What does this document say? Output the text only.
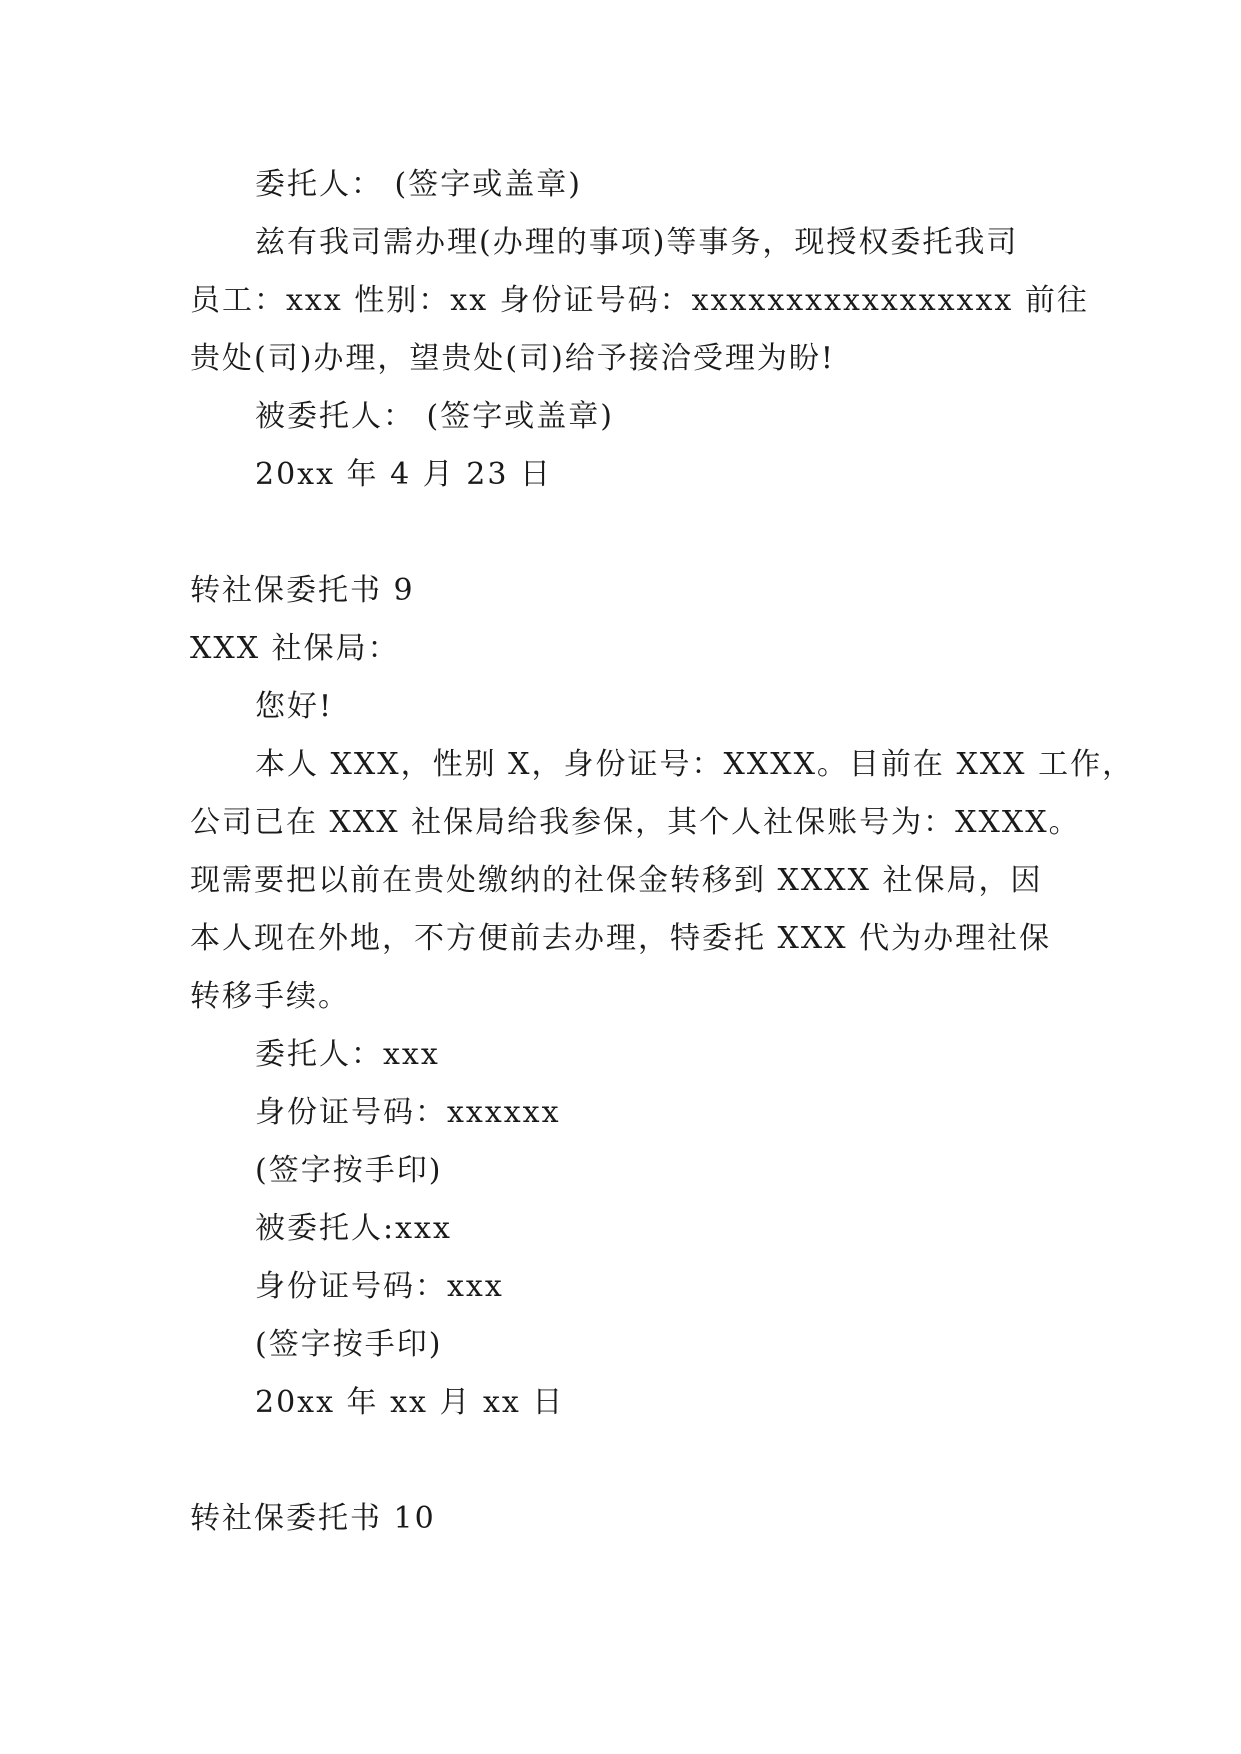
委托人： (签字或盖章)
兹有我司需办理(办理的事项)等事务，现授权委托我司
员工：xxx 性别：xx 身份证号码：xxxxxxxxxxxxxxxxx 前往
贵处(司)办理，望贵处(司)给予接洽受理为盼!
被委托人： (签字或盖章)
20xx 年 4 月 23 日
转社保委托书 9
XXX 社保局：
您好!
本人 XXX，性别 X，身份证号：XXXX。目前在 XXX 工作，
公司已在 XXX 社保局给我参保，其个人社保账号为：XXXX。
现需要把以前在贵处缴纳的社保金转移到 XXXX 社保局，因
本人现在外地，不方便前去办理，特委托 XXX 代为办理社保
转移手续。
委托人：xxx
身份证号码：xxxxxx
(签字按手印)
被委托人:xxx
身份证号码：xxx
(签字按手印)
20xx 年 xx 月 xx 日
转社保委托书 10
